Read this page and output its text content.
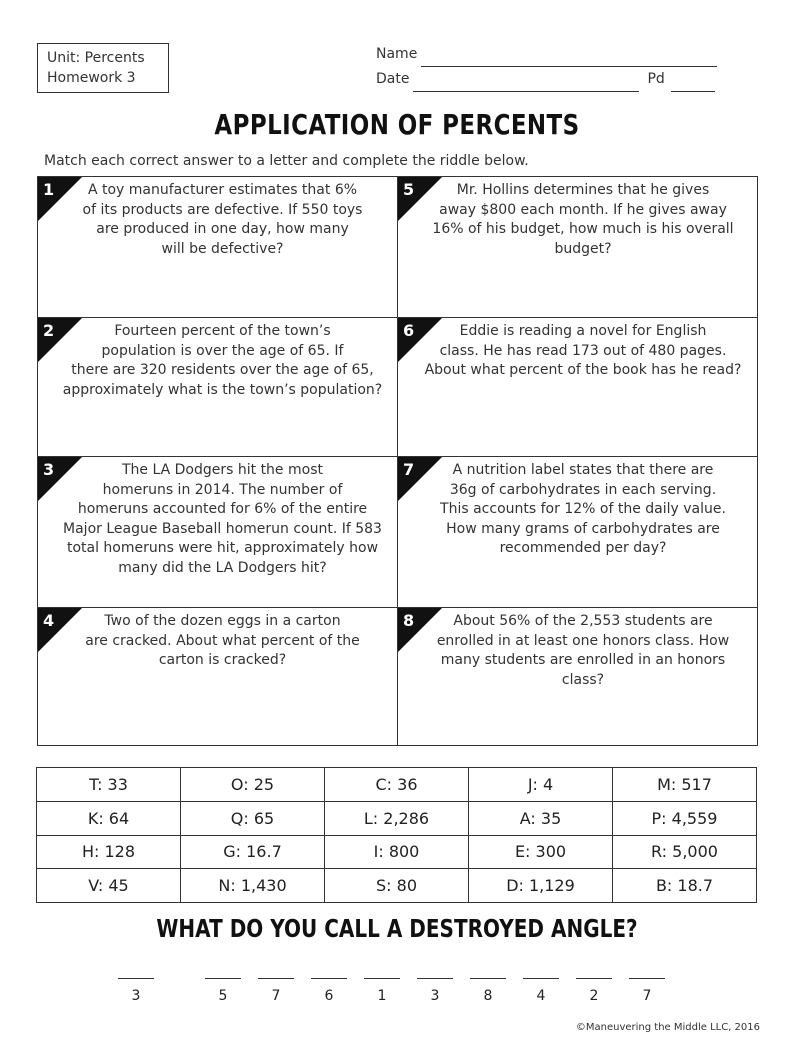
Unit: Percents
Homework 3
Name
Date	Pd
APPLICATION OF PERCENTS
Match each correct answer to a letter and complete the riddle below.
1	A toy manufacturer estimates that 6%
of its products are defective. If 550 toys
are produced in one day, how many
will be defective?
5	Mr. Hollins determines that he gives
away $800 each month. If he gives away
16% of his budget, how much is his overall
budget?
2	Fourteen percent of the town’s
population is over the age of 65. If
there are 320 residents over the age of 65,
approximately what is the town’s population?
6	Eddie is reading a novel for English
class. He has read 173 out of 480 pages.
About what percent of the book has he read?
3	The LA Dodgers hit the most
homeruns in 2014. The number of
homeruns accounted for 6% of the entire
Major League Baseball homerun count. If 583
total homeruns were hit, approximately how
many did the LA Dodgers hit?
7	A nutrition label states that there are
36g of carbohydrates in each serving.
This accounts for 12% of the daily value.
How many grams of carbohydrates are
recommended per day?
4	Two of the dozen eggs in a carton
are cracked. About what percent of the
carton is cracked?
8	About 56% of the 2,553 students are
enrolled in at least one honors class. How
many students are enrolled in an honors
class?
T: 33	O: 25	C: 36	J: 4	M: 517
K: 64	Q: 65	L: 2,286	A: 35	P: 4,559
H: 128	G: 16.7	I: 800	E: 300	R: 5,000
V: 45	N: 1,430	S: 80	D: 1,129	B: 18.7
WHAT DO YOU CALL A DESTROYED ANGLE?
3	5	7	6	1	3	8	4	2	7
©Maneuvering the Middle LLC, 2016
